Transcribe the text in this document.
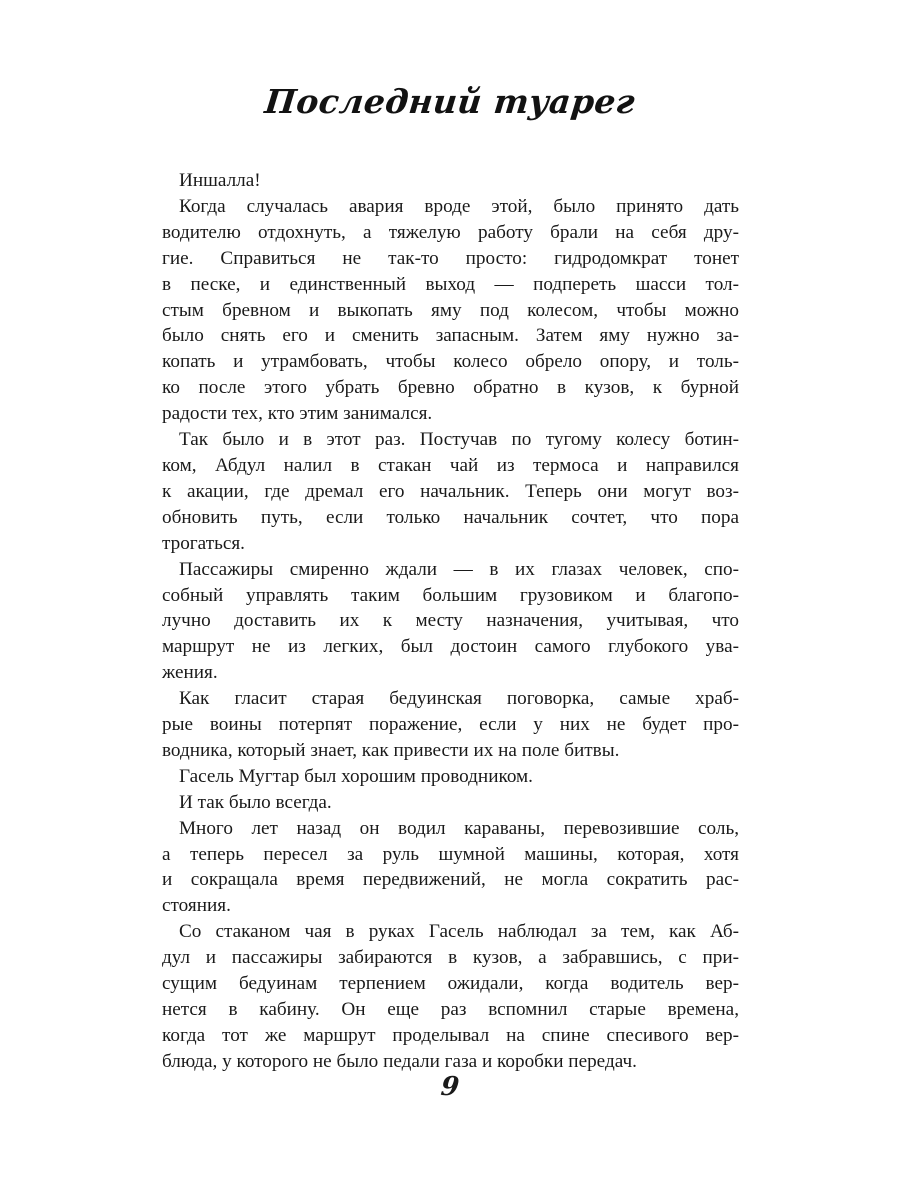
Последний туарег

Иншалла!

Когда случалась авария вроде этой, было принято дать
водителю отдохнуть, а тяжелую работу брали на себя дру-
гие. Справиться не так-то просто: гидродомкрат тонет
в песке, и единственный выход — подпереть шасси тол-
стым бревном и выкопать яму под колесом, чтобы можно
было снять его и сменить запасным. Затем яму нужно за-
копать и утрамбовать, чтобы колесо обрело опору, и толь-
ко после этого убрать бревно обратно в кузов, к бурной
радости тех, кто этим занимался.

Так было и в этот раз. Постучав по тугому колесу ботин-
ком, Абдул налил в стакан чай из термоса и направился
к акации, где дремал его начальник. Теперь они могут воз-
обновить путь, если только начальник сочтет, что пора
трогаться.

Пассажиры смиренно ждали — в их глазах человек, спо-
собный управлять таким большим грузовиком и благопо-
лучно доставить их к месту назначения, учитывая, что
маршрут не из легких, был достоин самого глубокого ува-
жения.

Как гласит старая бедуинская поговорка, самые храб-
рые воины потерпят поражение, если у них не будет про-
водника, который знает, как привести их на поле битвы.

Гасель Мугтар был хорошим проводником.

И так было всегда.

Много лет назад он водил караваны, перевозившие соль,
а теперь пересел за руль шумной машины, которая, хотя
и сокращала время передвижений, не могла сократить рас-
стояния.

Со стаканом чая в руках Гасель наблюдал за тем, как Аб-
дул и пассажиры забираются в кузов, а забравшись, с при-
сущим бедуинам терпением ожидали, когда водитель вер-
нется в кабину. Он еще раз вспомнил старые времена,
когда тот же маршрут проделывал на спине спесивого вер-
блюда, у которого не было педали газа и коробки передач.

9
